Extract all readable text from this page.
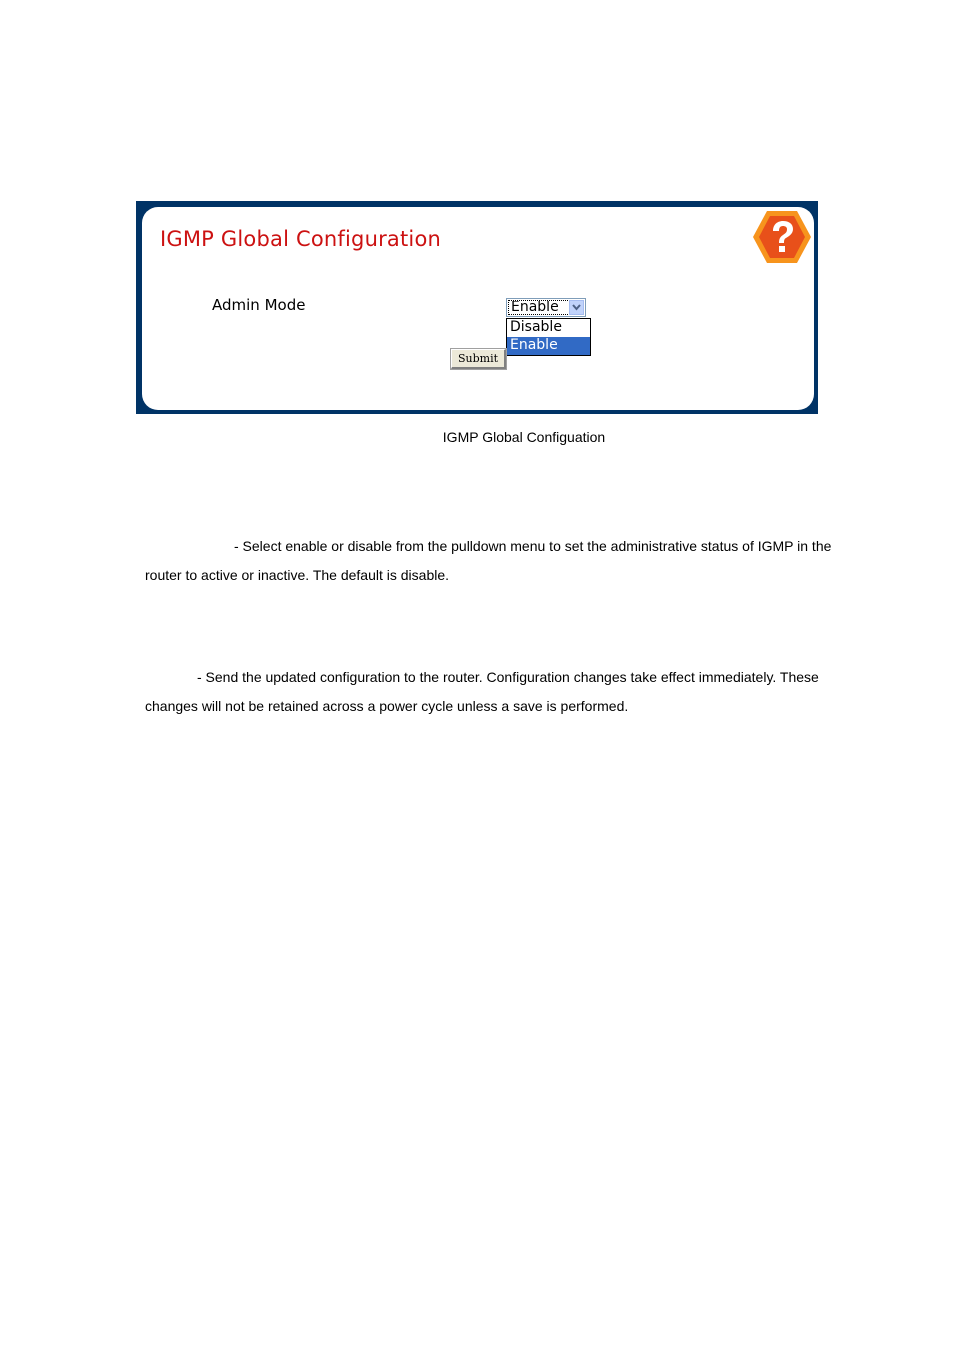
IGMP Global Configuration
Admin Mode	Enable
Disable
Enable
Submit
IGMP Global Configuation

- Select enable or disable from the pulldown menu to set the administrative status of IGMP in the router to active or inactive. The default is disable.

- Send the updated configuration to the router. Configuration changes take effect immediately. These changes will not be retained across a power cycle unless a save is performed.
